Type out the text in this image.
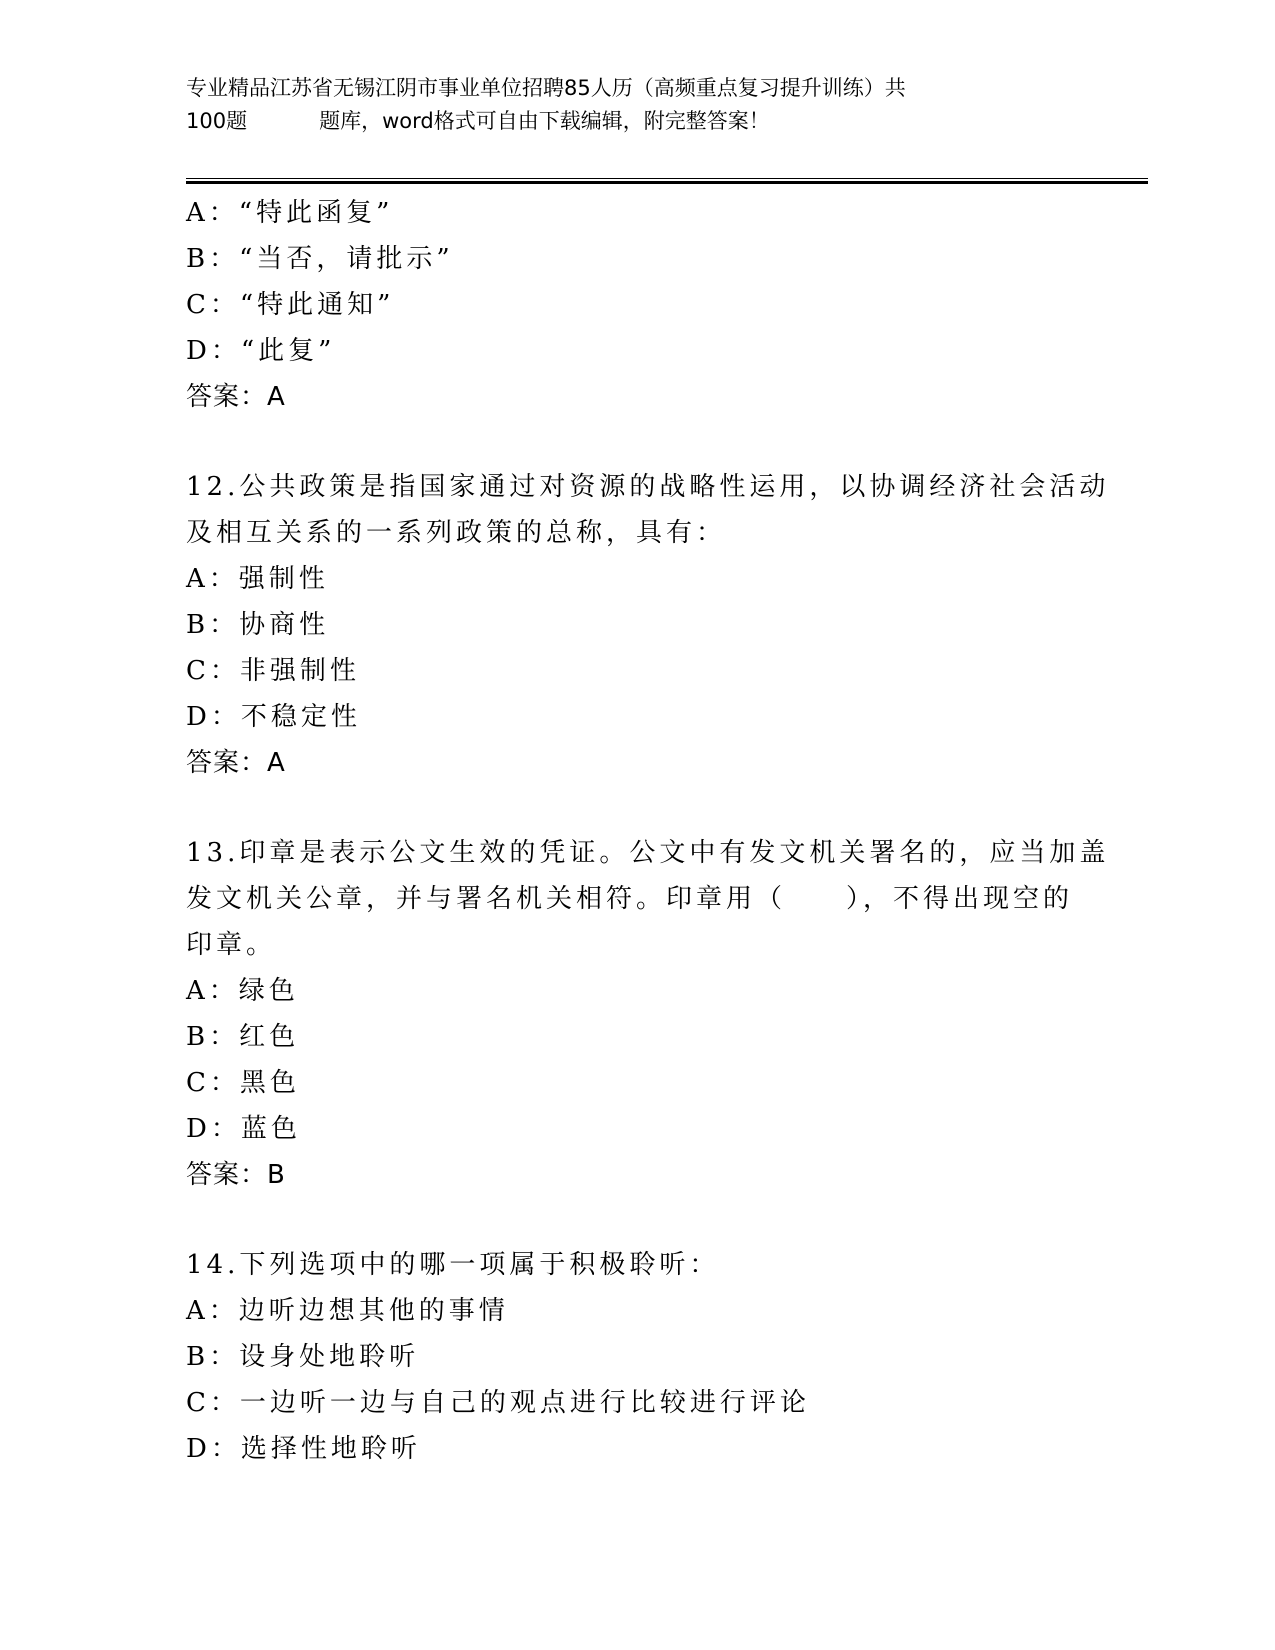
专业精品江苏省无锡江阴市事业单位招聘85人历（高频重点复习提升训练）共
100题	题库，word格式可自由下载编辑，附完整答案！
A：“特此函复”
B：“当否，请批示”
C：“特此通知”
D：“此复”
答案：A
12.公共政策是指国家通过对资源的战略性运用，以协调经济社会活动
及相互关系的一系列政策的总称，具有：
A：强制性
B：协商性
C：非强制性
D：不稳定性
答案：A
13.印章是表示公文生效的凭证。公文中有发文机关署名的，应当加盖
发文机关公章，并与署名机关相符。印章用（　　），不得出现空的
印章。
A：绿色
B：红色
C：黑色
D：蓝色
答案：B
14.下列选项中的哪一项属于积极聆听：
A：边听边想其他的事情
B：设身处地聆听
C：一边听一边与自己的观点进行比较进行评论
D：选择性地聆听
